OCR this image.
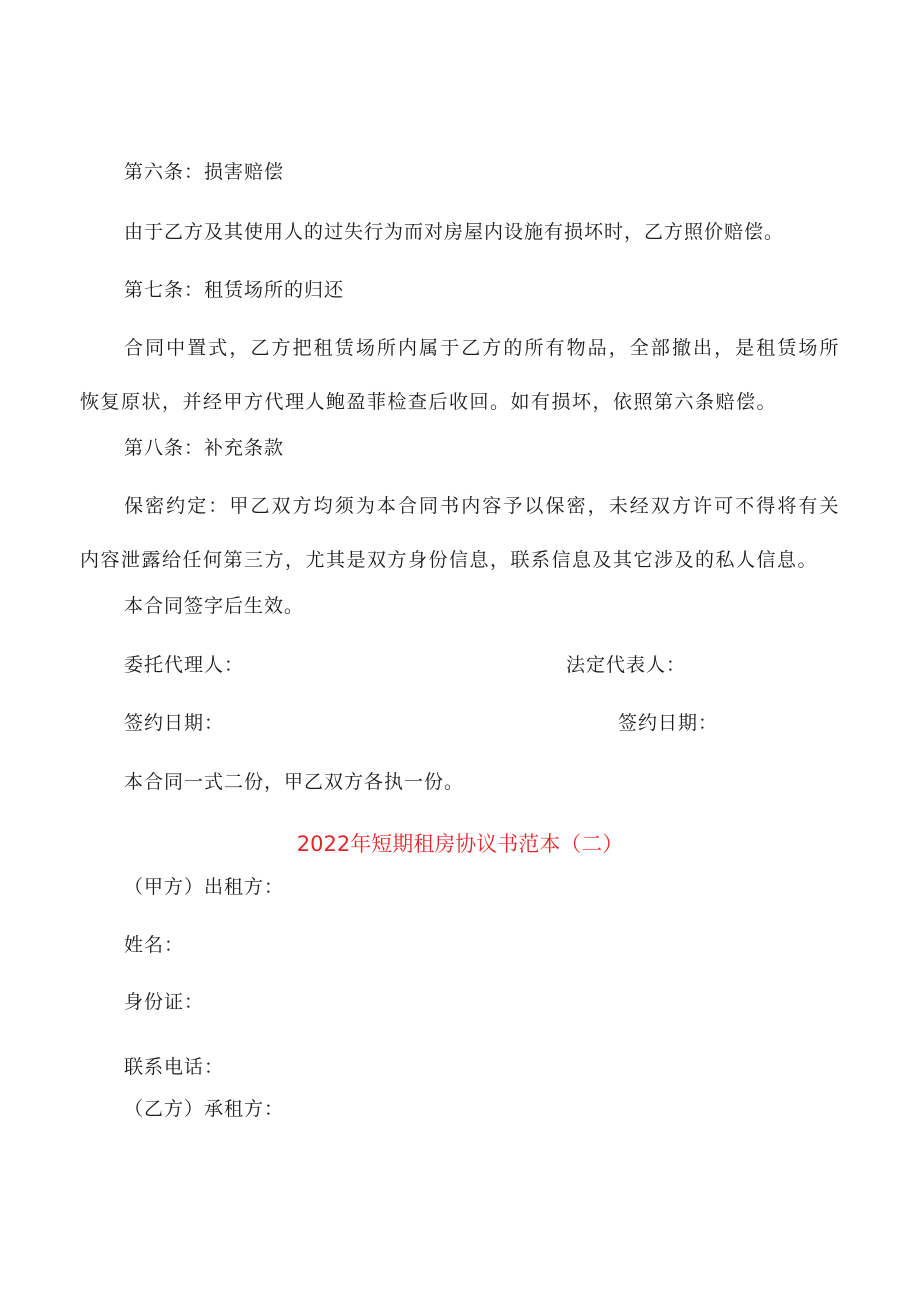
第六条：损害赔偿
由于乙方及其使用人的过失行为而对房屋内设施有损坏时，乙方照价赔偿。
第七条：租赁场所的归还
合同中置式，乙方把租赁场所内属于乙方的所有物品，全部撤出，是租赁场所恢复原状，并经甲方代理人鲍盈菲检查后收回。如有损坏，依照第六条赔偿。
第八条：补充条款
保密约定：甲乙双方均须为本合同书内容予以保密，未经双方许可不得将有关内容泄露给任何第三方，尤其是双方身份信息，联系信息及其它涉及的私人信息。
本合同签字后生效。
委托代理人：	法定代表人：
签约日期：	签约日期：
本合同一式二份，甲乙双方各执一份。
2022年短期租房协议书范本（二）
（甲方）出租方：
姓名：
身份证：
联系电话：
（乙方）承租方：
